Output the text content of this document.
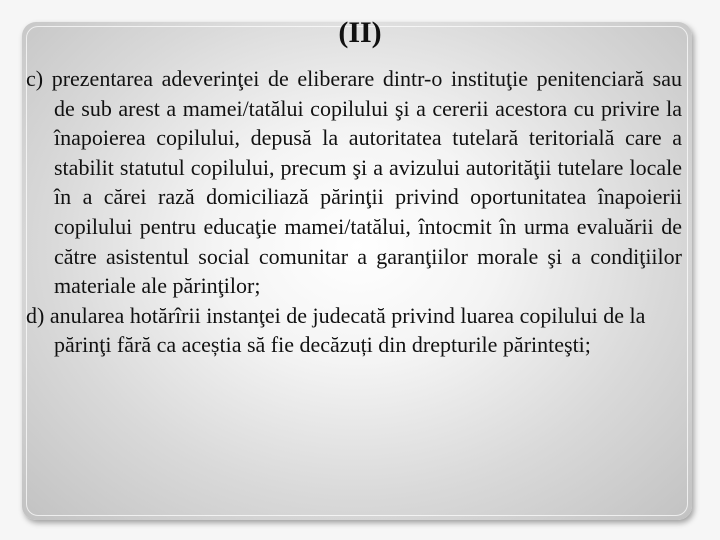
(II)

c) prezentarea adeverinţei de eliberare dintr-o instituţie penitenciară sau de sub arest a mamei/tatălui copilului şi a cererii acestora cu privire la înapoierea copilului, depusă la autoritatea tutelară teritorială care a stabilit statutul copilului, precum şi a avizului autorităţii tutelare locale în a cărei rază domiciliază părinţii privind oportunitatea înapoierii copilului pentru educaţie mamei/tatălui, întocmit în urma evaluării de către asistentul social comunitar a garanţiilor morale şi a condiţiilor materiale ale părinţilor;

d) anularea hotărîrii instanţei de judecată privind luarea copilului de la părinţi fără ca aceștia să fie decăzuți din drepturile părinteşti;
